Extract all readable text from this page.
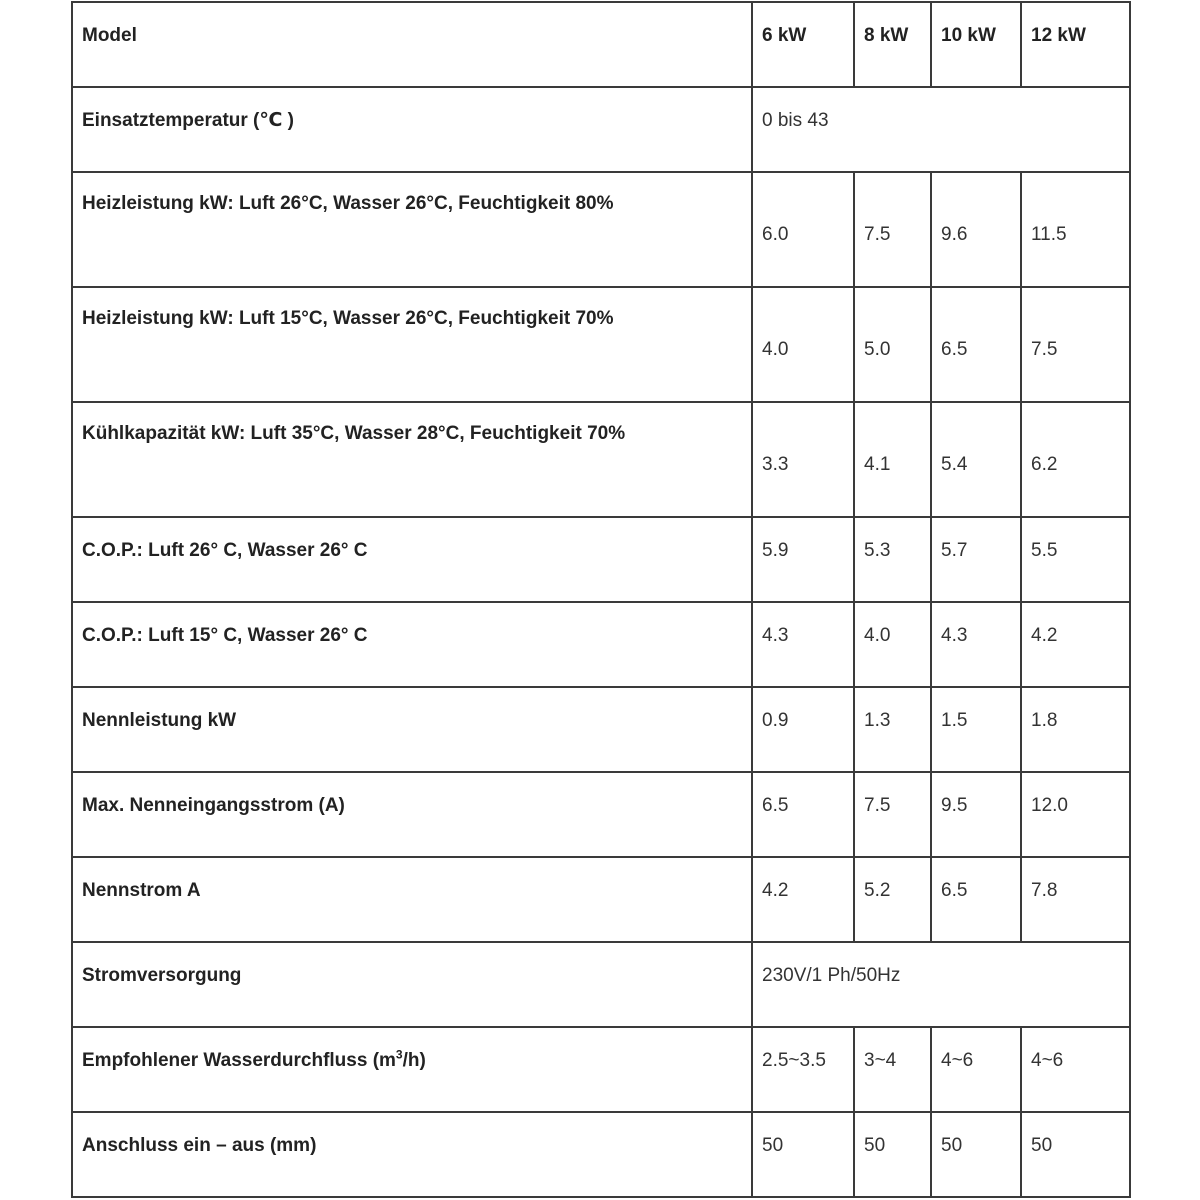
Model	6 kW	8 kW	10 kW	12 kW
Einsatztemperatur (℃ )	0 bis 43			
Heizleistung kW: Luft 26°C, Wasser 26°C, Feuchtigkeit 80%	6.0	7.5	9.6	11.5
Heizleistung kW: Luft 15°C, Wasser 26°C, Feuchtigkeit 70%	4.0	5.0	6.5	7.5
Kühlkapazität kW: Luft 35°C, Wasser 28°C, Feuchtigkeit 70%	3.3	4.1	5.4	6.2
C.O.P.: Luft 26° C, Wasser 26° C	5.9	5.3	5.7	5.5
C.O.P.: Luft 15° C, Wasser 26° C	4.3	4.0	4.3	4.2
Nennleistung kW	0.9	1.3	1.5	1.8
Max. Nenneingangsstrom (A)	6.5	7.5	9.5	12.0
Nennstrom A	4.2	5.2	6.5	7.8
Stromversorgung	230V/1 Ph/50Hz			
Empfohlener Wasserdurchfluss $(m^3/h)$	2.5~3.5	3~4	4~6	4~6
Anschluss ein – aus (mm)	50	50	50	50
